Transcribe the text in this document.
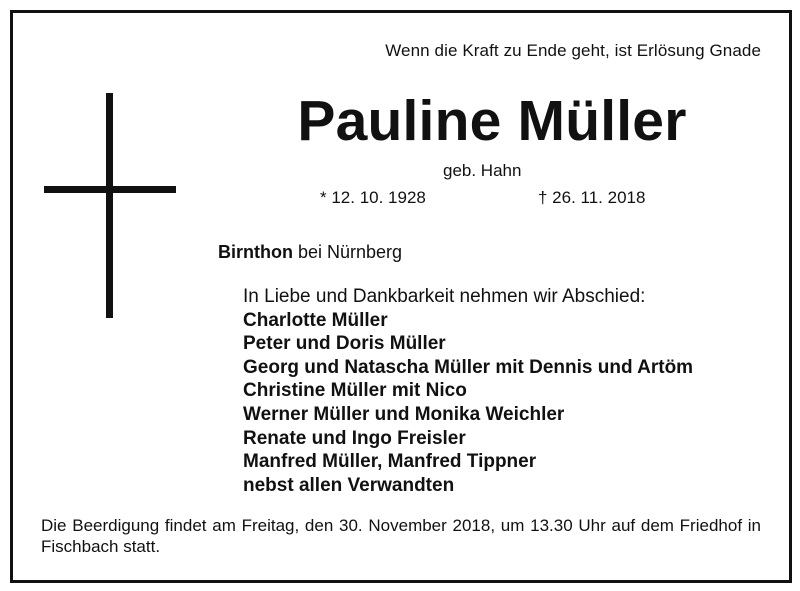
Wenn die Kraft zu Ende geht, ist Erlösung Gnade
Pauline Müller
geb. Hahn
* 12. 10. 1928	† 26. 11. 2018
Birnthon bei Nürnberg
In Liebe und Dankbarkeit nehmen wir Abschied:
Charlotte Müller
Peter und Doris Müller
Georg und Natascha Müller mit Dennis und Artöm
Christine Müller mit Nico
Werner Müller und Monika Weichler
Renate und Ingo Freisler
Manfred Müller, Manfred Tippner
nebst allen Verwandten
Die Beerdigung findet am Freitag, den 30. November 2018, um 13.30 Uhr auf dem Friedhof in Fischbach statt.
